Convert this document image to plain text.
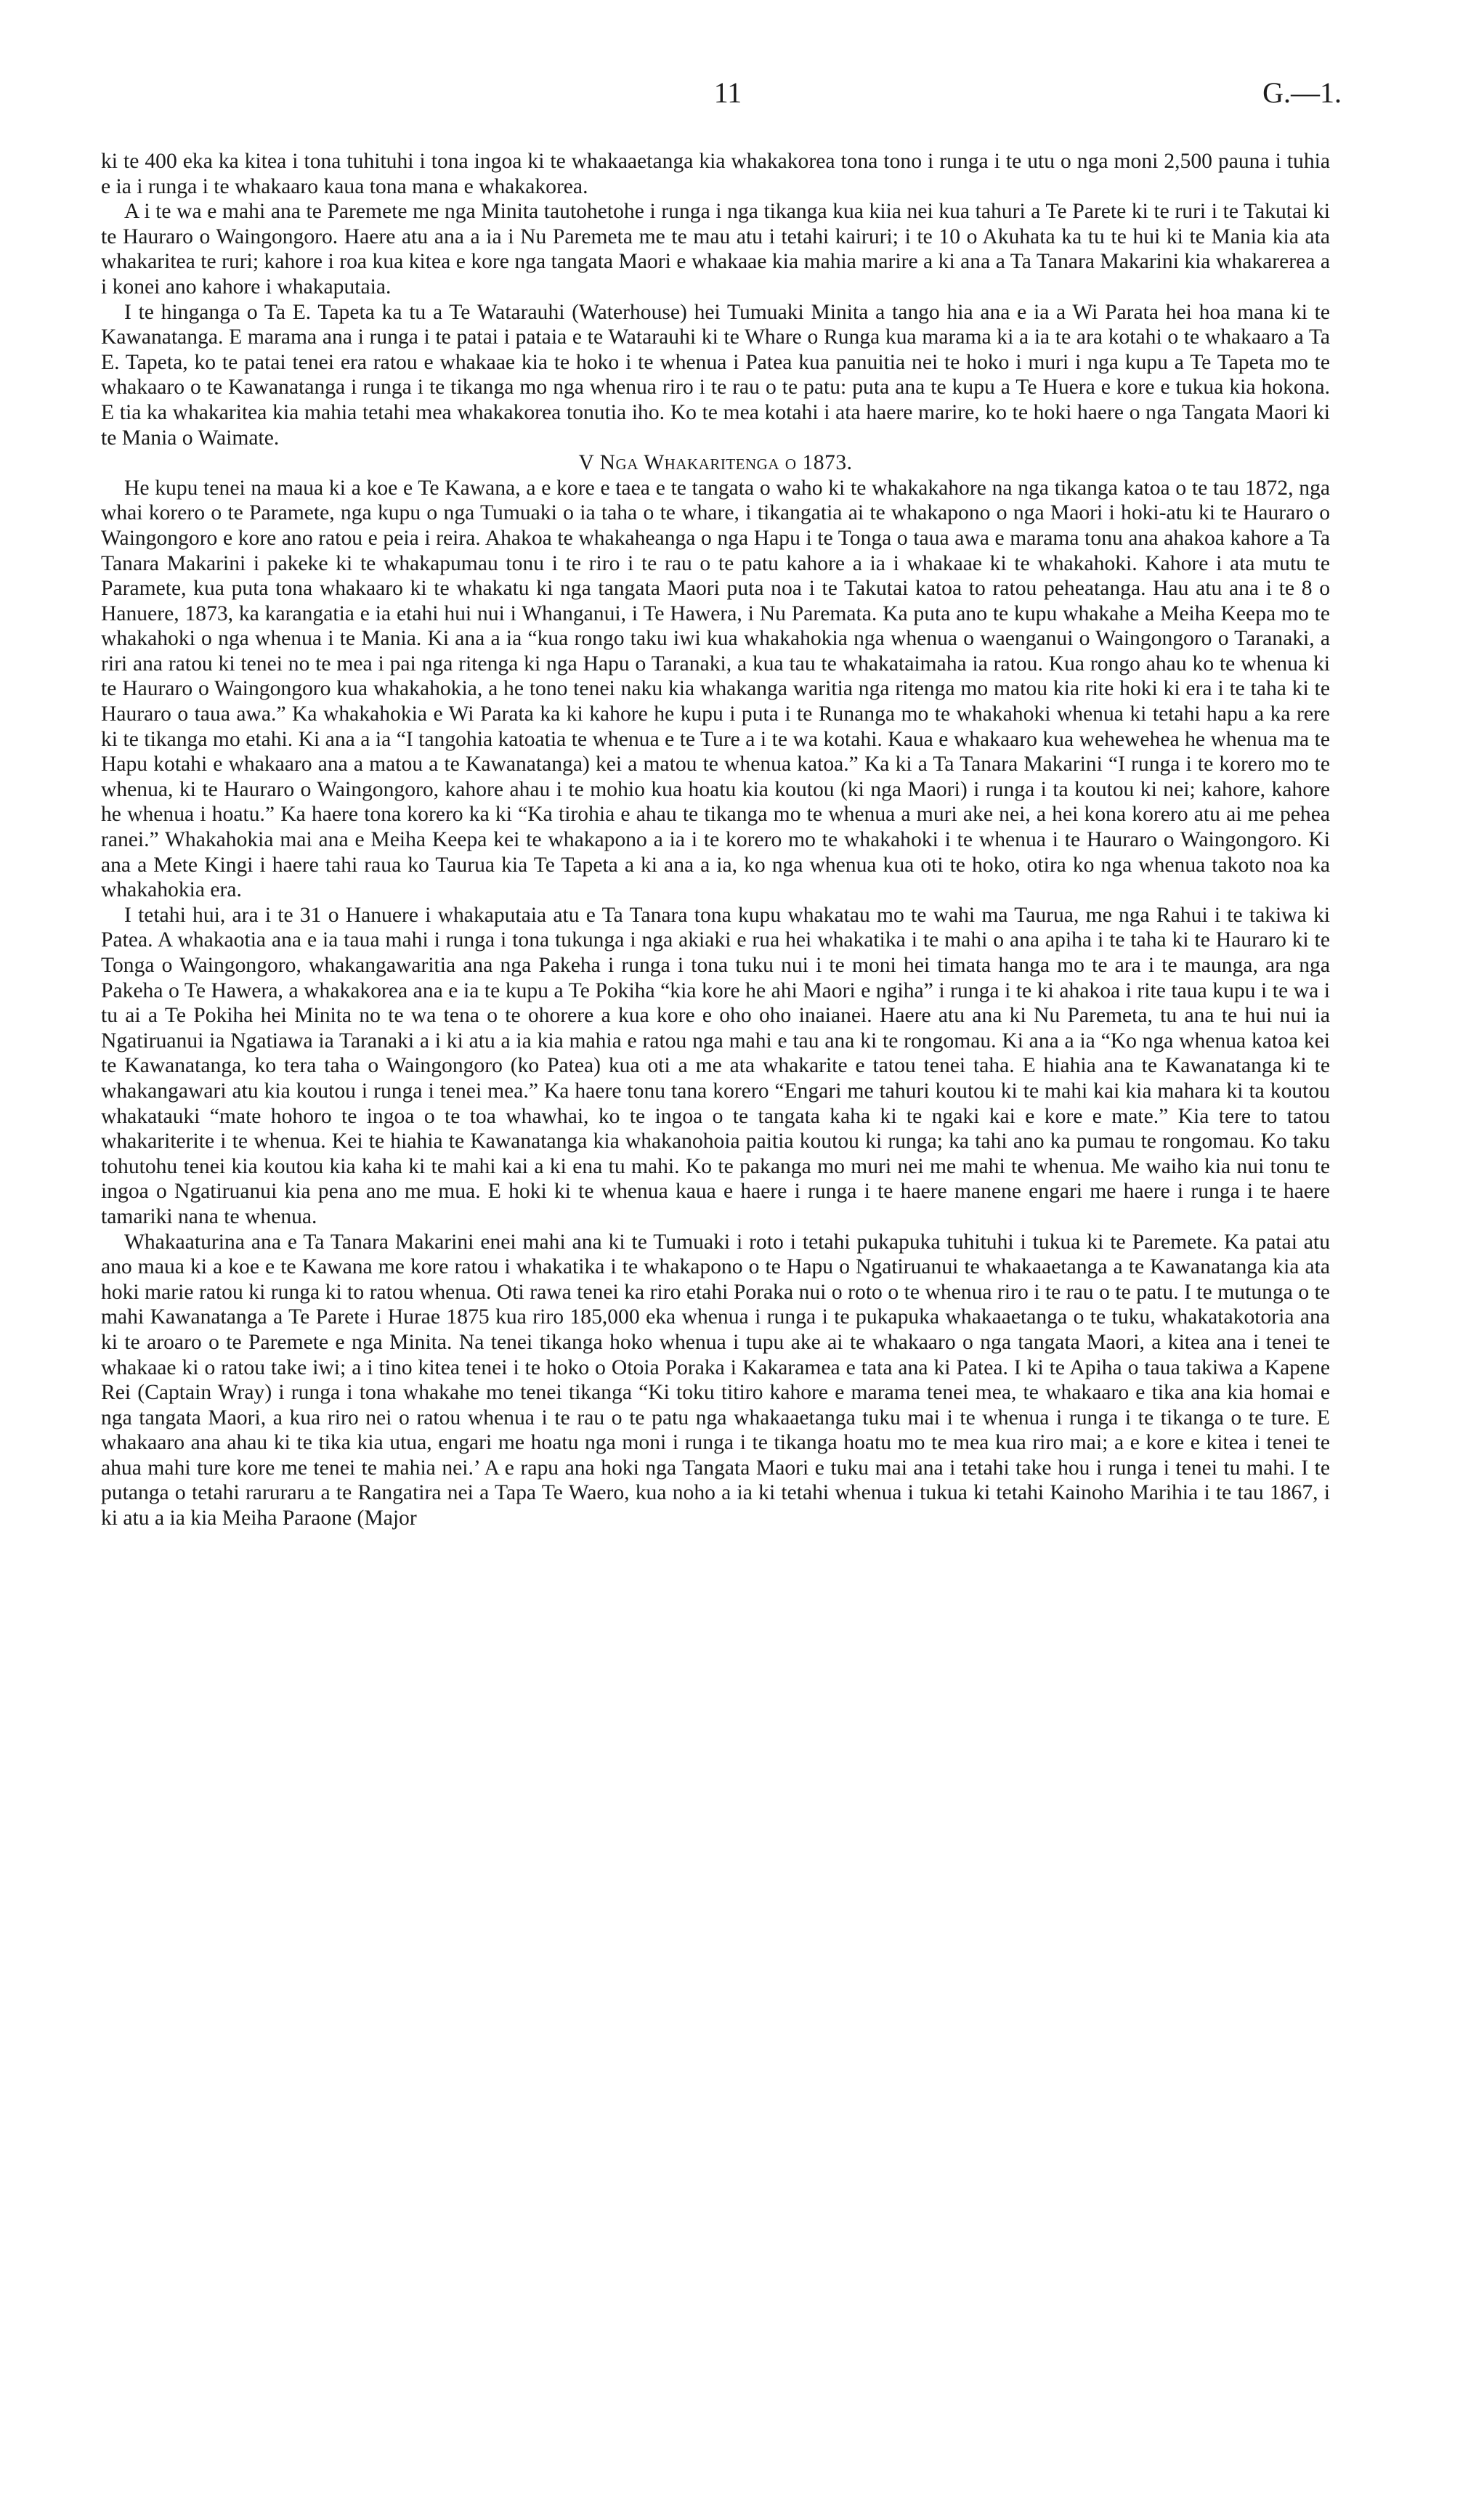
11	G.—1.

ki te 400 eka ka kitea i tona tuhituhi i tona ingoa ki te whakaaetanga kia whakakorea tona tono i runga i te utu o nga moni 2,500 pauna i tuhia e ia i runga i te whakaaro kaua tona mana e whakakorea.

A i te wa e mahi ana te Paremete me nga Minita tautohetohe i runga i nga tikanga kua kiia nei kua tahuri a Te Parete ki te ruri i te Takutai ki te Hauraro o Waingongoro. Haere atu ana a ia i Nu Paremeta me te mau atu i tetahi kairuri; i te 10 o Akuhata ka tu te hui ki te Mania kia ata whakaritea te ruri; kahore i roa kua kitea e kore nga tangata Maori e whakaae kia mahia marire a ki ana a Ta Tanara Makarini kia whakarerea a i konei ano kahore i whakaputaia.

I te hinganga o Ta E. Tapeta ka tu a Te Watarauhi (Waterhouse) hei Tumuaki Minita a tango hia ana e ia a Wi Parata hei hoa mana ki te Kawanatanga. E marama ana i runga i te patai i pataia e te Watarauhi ki te Whare o Runga kua marama ki a ia te ara kotahi o te whakaaro a Ta E. Tapeta, ko te patai tenei era ratou e whakaae kia te hoko i te whenua i Patea kua panuitia nei te hoko i muri i nga kupu a Te Tapeta mo te whakaaro o te Kawanatanga i runga i te tikanga mo nga whenua riro i te rau o te patu: puta ana te kupu a Te Huera e kore e tukua kia hokona. E tia ka whakaritea kia mahia tetahi mea whakakorea tonutia iho. Ko te mea kotahi i ata haere marire, ko te hoki haere o nga Tangata Maori ki te Mania o Waimate.

V Nga Whakaritenga o 1873.

He kupu tenei na maua ki a koe e Te Kawana, a e kore e taea e te tangata o waho ki te whakakahore na nga tikanga katoa o te tau 1872, nga whai korero o te Paramete, nga kupu o nga Tumuaki o ia taha o te whare, i tikangatia ai te whakapono o nga Maori i hoki-atu ki te Hauraro o Waingongoro e kore ano ratou e peia i reira. Ahakoa te whakaheanga o nga Hapu i te Tonga o taua awa e marama tonu ana ahakoa kahore a Ta Tanara Makarini i pakeke ki te whakapumau tonu i te riro i te rau o te patu kahore a ia i whakaae ki te whakahoki. Kahore i ata mutu te Paramete, kua puta tona whakaaro ki te whakatu ki nga tangata Maori puta noa i te Takutai katoa to ratou peheatanga. Hau atu ana i te 8 o Hanuere, 1873, ka karangatia e ia etahi hui nui i Whanganui, i Te Hawera, i Nu Paremata. Ka puta ano te kupu whakahe a Meiha Keepa mo te whakahoki o nga whenua i te Mania. Ki ana a ia “kua rongo taku iwi kua whakahokia nga whenua o waenganui o Waingongoro o Taranaki, a riri ana ratou ki tenei no te mea i pai nga ritenga ki nga Hapu o Taranaki, a kua tau te whakataimaha ia ratou. Kua rongo ahau ko te whenua ki te Hauraro o Waingongoro kua whakahokia, a he tono tenei naku kia whakanga waritia nga ritenga mo matou kia rite hoki ki era i te taha ki te Hauraro o taua awa.” Ka whakahokia e Wi Parata ka ki kahore he kupu i puta i te Runanga mo te whakahoki whenua ki tetahi hapu a ka rere ki te tikanga mo etahi. Ki ana a ia “I tangohia katoatia te whenua e te Ture a i te wa kotahi. Kaua e whakaaro kua wehewehea he whenua ma te Hapu kotahi e whakaaro ana a matou a te Kawanatanga) kei a matou te whenua katoa.” Ka ki a Ta Tanara Makarini “I runga i te korero mo te whenua, ki te Hauraro o Waingongoro, kahore ahau i te mohio kua hoatu kia koutou (ki nga Maori) i runga i ta koutou ki nei; kahore, kahore he whenua i hoatu.” Ka haere tona korero ka ki “Ka tirohia e ahau te tikanga mo te whenua a muri ake nei, a hei kona korero atu ai me pehea ranei.” Whakahokia mai ana e Meiha Keepa kei te whakapono a ia i te korero mo te whakahoki i te whenua i te Hauraro o Waingongoro. Ki ana a Mete Kingi i haere tahi raua ko Taurua kia Te Tapeta a ki ana a ia, ko nga whenua kua oti te hoko, otira ko nga whenua takoto noa ka whakahokia era.

I tetahi hui, ara i te 31 o Hanuere i whakaputaia atu e Ta Tanara tona kupu whakatau mo te wahi ma Taurua, me nga Rahui i te takiwa ki Patea. A whakaotia ana e ia taua mahi i runga i tona tukunga i nga akiaki e rua hei whakatika i te mahi o ana apiha i te taha ki te Hauraro ki te Tonga o Waingongoro, whakangawaritia ana nga Pakeha i runga i tona tuku nui i te moni hei timata hanga mo te ara i te maunga, ara nga Pakeha o Te Hawera, a whakakorea ana e ia te kupu a Te Pokiha “kia kore he ahi Maori e ngiha” i runga i te ki ahakoa i rite taua kupu i te wa i tu ai a Te Pokiha hei Minita no te wa tena o te ohorere a kua kore e oho oho inaianei. Haere atu ana ki Nu Paremeta, tu ana te hui nui ia Ngatiruanui ia Ngatiawa ia Taranaki a i ki atu a ia kia mahia e ratou nga mahi e tau ana ki te rongomau. Ki ana a ia “Ko nga whenua katoa kei te Kawanatanga, ko tera taha o Waingongoro (ko Patea) kua oti a me ata whakarite e tatou tenei taha. E hiahia ana te Kawanatanga ki te whakangawari atu kia koutou i runga i tenei mea.” Ka haere tonu tana korero “Engari me tahuri koutou ki te mahi kai kia mahara ki ta koutou whakatauki “mate hohoro te ingoa o te toa whawhai, ko te ingoa o te tangata kaha ki te ngaki kai e kore e mate.” Kia tere to tatou whakariterite i te whenua. Kei te hiahia te Kawanatanga kia whakanohoia paitia koutou ki runga; ka tahi ano ka pumau te rongomau. Ko taku tohutohu tenei kia koutou kia kaha ki te mahi kai a ki ena tu mahi. Ko te pakanga mo muri nei me mahi te whenua. Me waiho kia nui tonu te ingoa o Ngatiruanui kia pena ano me mua. E hoki ki te whenua kaua e haere i runga i te haere manene engari me haere i runga i te haere tamariki nana te whenua.

Whakaaturina ana e Ta Tanara Makarini enei mahi ana ki te Tumuaki i roto i tetahi pukapuka tuhituhi i tukua ki te Paremete. Ka patai atu ano maua ki a koe e te Kawana me kore ratou i whakatika i te whakapono o te Hapu o Ngatiruanui te whakaaetanga a te Kawanatanga kia ata hoki marie ratou ki runga ki to ratou whenua. Oti rawa tenei ka riro etahi Poraka nui o roto o te whenua riro i te rau o te patu. I te mutunga o te mahi Kawanatanga a Te Parete i Hurae 1875 kua riro 185,000 eka whenua i runga i te pukapuka whakaaetanga o te tuku, whakatakotoria ana ki te aroaro o te Paremete e nga Minita. Na tenei tikanga hoko whenua i tupu ake ai te whakaaro o nga tangata Maori, a kitea ana i tenei te whakaae ki o ratou take iwi; a i tino kitea tenei i te hoko o Otoia Poraka i Kakaramea e tata ana ki Patea. I ki te Apiha o taua takiwa a Kapene Rei (Captain Wray) i runga i tona whakahe mo tenei tikanga “Ki toku titiro kahore e marama tenei mea, te whakaaro e tika ana kia homai e nga tangata Maori, a kua riro nei o ratou whenua i te rau o te patu nga whakaaetanga tuku mai i te whenua i runga i te tikanga o te ture. E whakaaro ana ahau ki te tika kia utua, engari me hoatu nga moni i runga i te tikanga hoatu mo te mea kua riro mai; a e kore e kitea i tenei te ahua mahi ture kore me tenei te mahia nei.’ A e rapu ana hoki nga Tangata Maori e tuku mai ana i tetahi take hou i runga i tenei tu mahi. I te putanga o tetahi raruraru a te Rangatira nei a Tapa Te Waero, kua noho a ia ki tetahi whenua i tukua ki tetahi Kainoho Marihia i te tau 1867, i ki atu a ia kia Meiha Paraone (Major
